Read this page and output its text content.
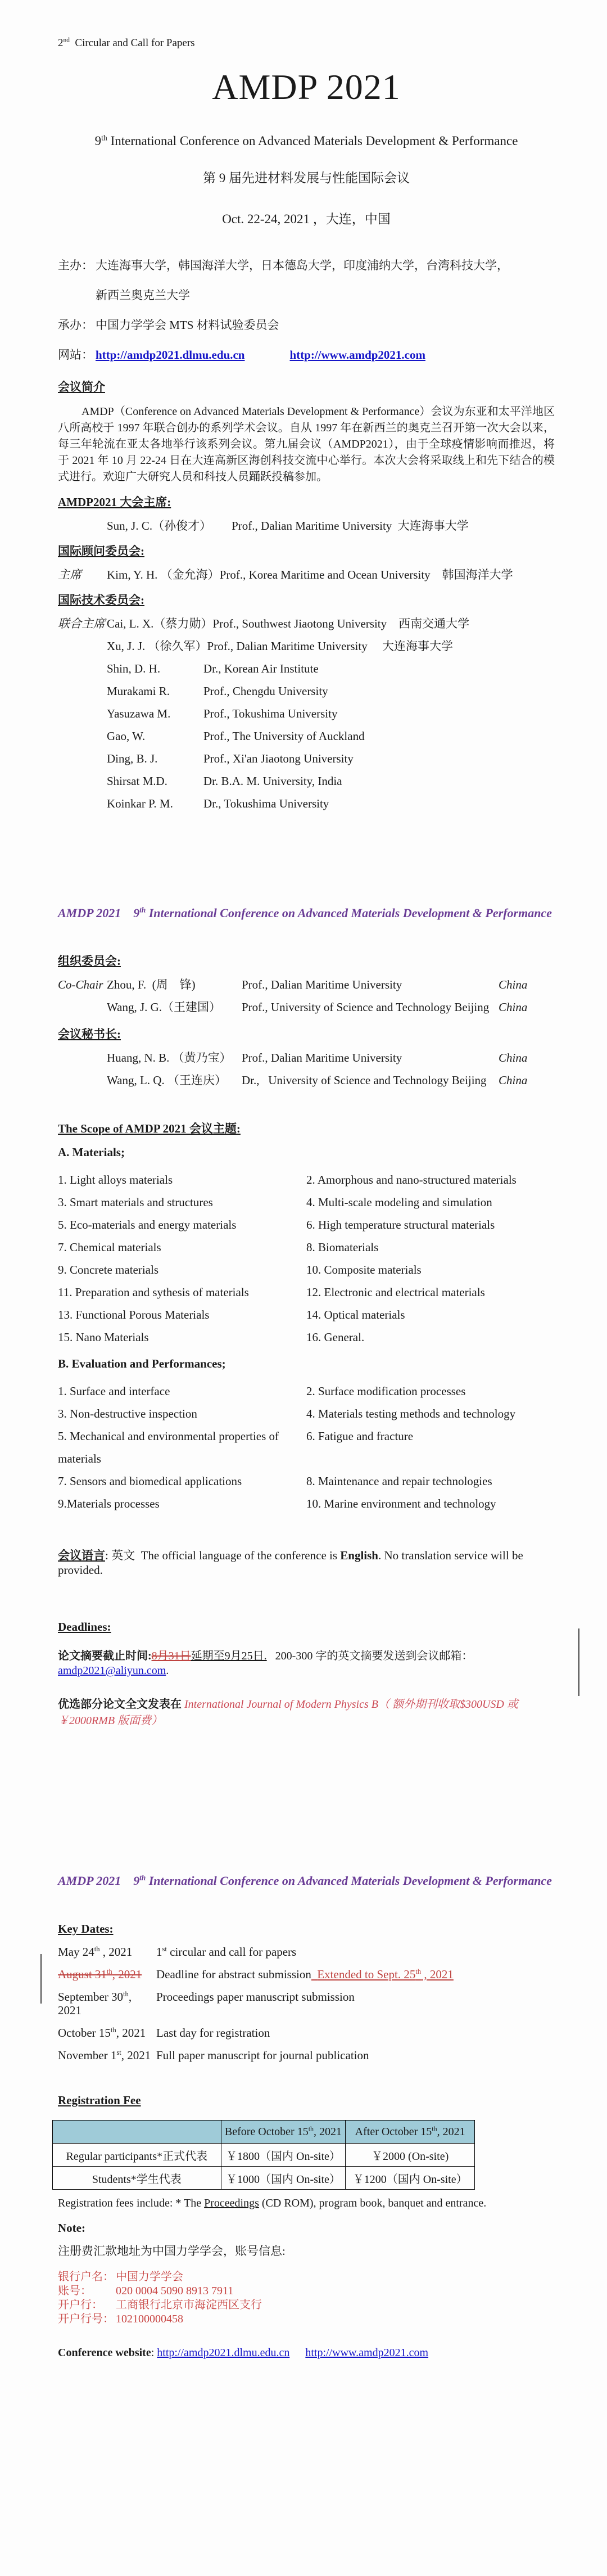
2nd  Circular and Call for Papers
AMDP 2021
9th International Conference on Advanced Materials Development & Performance
第 9 届先进材料发展与性能国际会议
Oct. 22-24, 2021 ，大连，中国
主办： 大连海事大学，韩国海洋大学，日本德岛大学，印度浦纳大学，台湾科技大学，
新西兰奥克兰大学
承办： 中国力学学会 MTS 材料试验委员会
网站： http://amdp2021.dlmu.edu.cn	http://www.amdp2021.com
会议简介

AMDP（Conference on Advanced Materials Development & Performance）会议为东亚和太平洋地区八所高校于 1997 年联合创办的系列学术会议。自从 1997 年在新西兰的奥克兰召开第一次大会以来，每三年轮流在亚太各地举行该系列会议。第九届会议（AMDP2021），由于全球疫情影响而推迟，将于 2021 年 10 月 22-24 日在大连高新区海创科技交流中心举行。本次大会将采取线上和先下结合的模式进行。欢迎广大研究人员和科技人员踊跃投稿参加。

AMDP2021 大会主席:
Sun, J. C.（孙俊才） Prof., Dalian Maritime University  大连海事大学
国际顾问委员会:
主席	Kim, Y. H. （金允海） Prof., Korea Maritime and Ocean University    韩国海洋大学
国际技术委员会:
联合主席 Cai, L. X.（蔡力勋） Prof., Southwest Jiaotong University    西南交通大学
Xu, J. J. （徐久军） Prof., Dalian Maritime University     大连海事大学
Shin, D. H.	Dr., Korean Air Institute
Murakami R.	Prof., Chengdu University
Yasuzawa M.	Prof., Tokushima University
Gao, W.	Prof., The University of Auckland
Ding, B. J.	Prof., Xi'an Jiaotong University
Shirsat M.D.	Dr. B.A. M. University, India
Koinkar P. M.	Dr., Tokushima University
AMDP 2021    9th International Conference on Advanced Materials Development & Performance
组织委员会:
Co-Chair Zhou, F.  (周　锋)	Prof., Dalian Maritime University	China
Wang, J. G.（王建国）	Prof., University of Science and Technology Beijing China
会议秘书长:
Huang, N. B. （黄乃宝） Prof., Dalian Maritime University	China
Wang, L. Q. （王连庆）	Dr.,   University of Science and Technology Beijing	China
The Scope of AMDP 2021 会议主题:
A. Materials;
1. Light alloys materials	2. Amorphous and nano-structured materials
3. Smart materials and structures	4. Multi-scale modeling and simulation
5. Eco-materials and energy materials	6. High temperature structural materials
7. Chemical materials	8. Biomaterials
9. Concrete materials	10. Composite materials
11. Preparation and sythesis of materials	12. Electronic and electrical materials
13. Functional Porous Materials	14. Optical materials
15. Nano Materials	16. General.
B. Evaluation and Performances;
1. Surface and interface	2. Surface modification processes
3. Non-destructive inspection	4. Materials testing methods and technology
5. Mechanical and environmental properties of materials
6. Fatigue and fracture
7. Sensors and biomedical applications	8. Maintenance and repair technologies
9.Materials processes	10. Marine environment and technology
会议语言: 英文  The official language of the conference is English. No translation service will be provided.
Deadlines:
论文摘要截止时间:8月31日延期至9月25日.   200-300 字的英文摘要发送到会议邮箱：amdp2021@aliyun.com.
优选部分论文全文发表在 International Journal of Modern Physics B（ 额外期刊收取$300USD 或￥2000RMB 版面费）
AMDP 2021    9th International Conference on Advanced Materials Development & Performance
Key Dates:
May 24th , 2021	1st circular and call for papers
August 31th, 2021	Deadline for abstract submission Extended to Sept. 25th , 2021
September 30th, 2021
Proceedings paper manuscript submission
October 15th, 2021 Last day for registration
November 1st, 2021 Full paper manuscript for journal publication
Registration Fee
	Before October 15th, 2021	After October 15th, 2021
Regular participants*正式代表	￥1800（国内 On-site）	￥2000 (On-site)
Students*学生代表	￥1000（国内 On-site）	￥1200（国内 On-site）
Registration fees include: * The Proceedings (CD ROM), program book, banquet and entrance.
Note:
注册费汇款地址为中国力学学会，账号信息:
银行户名： 中国力学学会
账号： 020 0004 5090 8913 7911
开户行： 工商银行北京市海淀西区支行
开户行号： 102100000458
Conference website: http://amdp2021.dlmu.edu.cn http://www.amdp2021.com
